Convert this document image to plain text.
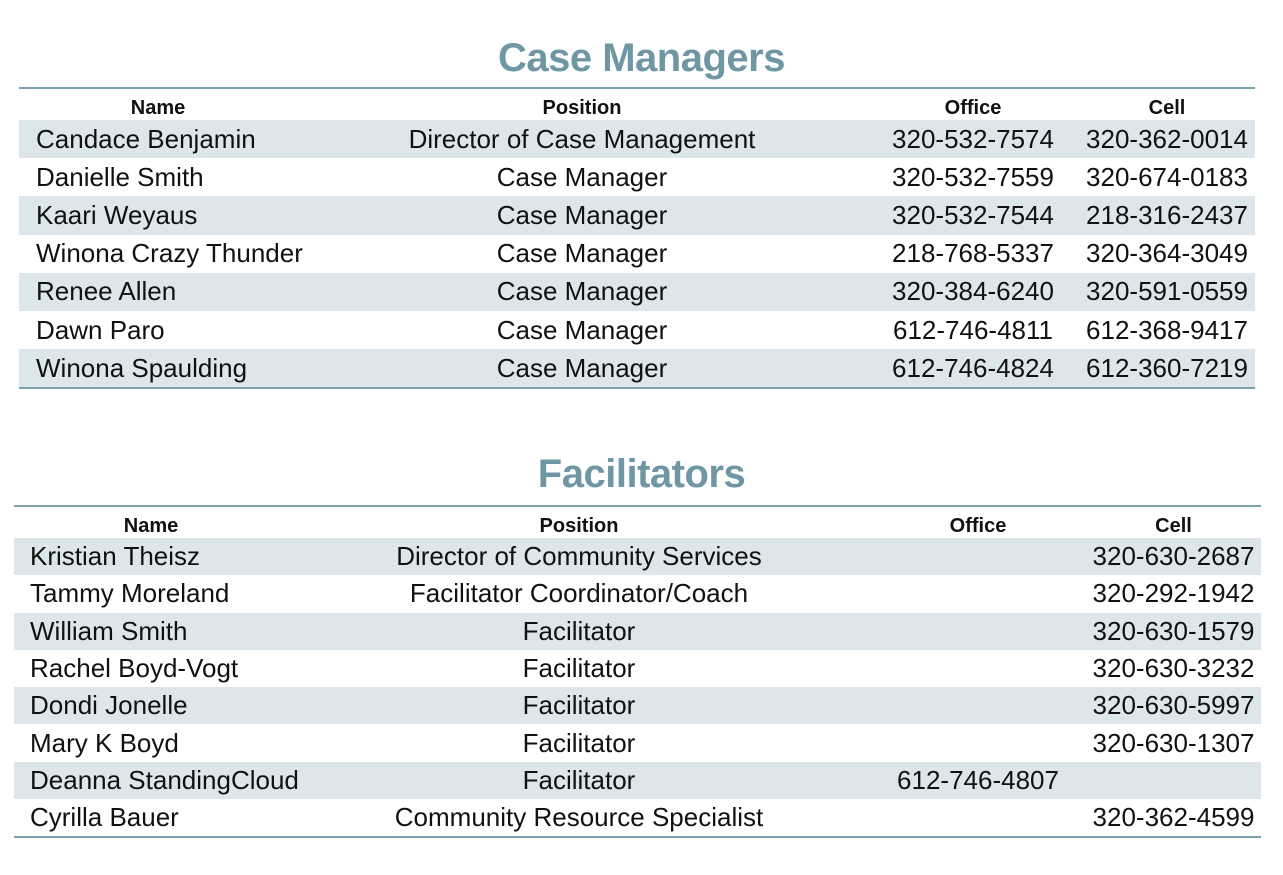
Case Managers
Name	Position	Office	Cell
Candace Benjamin	Director of Case Management	320-532-7574	320-362-0014
Danielle Smith	Case Manager	320-532-7559	320-674-0183
Kaari Weyaus	Case Manager	320-532-7544	218-316-2437
Winona Crazy Thunder	Case Manager	218-768-5337	320-364-3049
Renee Allen	Case Manager	320-384-6240	320-591-0559
Dawn Paro	Case Manager	612-746-4811	612-368-9417
Winona Spaulding	Case Manager	612-746-4824	612-360-7219
Facilitators
Name	Position	Office	Cell
Kristian Theisz	Director of Community Services		320-630-2687
Tammy Moreland	Facilitator Coordinator/Coach		320-292-1942
William Smith	Facilitator		320-630-1579
Rachel Boyd-Vogt	Facilitator		320-630-3232
Dondi Jonelle	Facilitator		320-630-5997
Mary K Boyd	Facilitator		320-630-1307
Deanna StandingCloud	Facilitator	612-746-4807	
Cyrilla Bauer	Community Resource Specialist		320-362-4599
